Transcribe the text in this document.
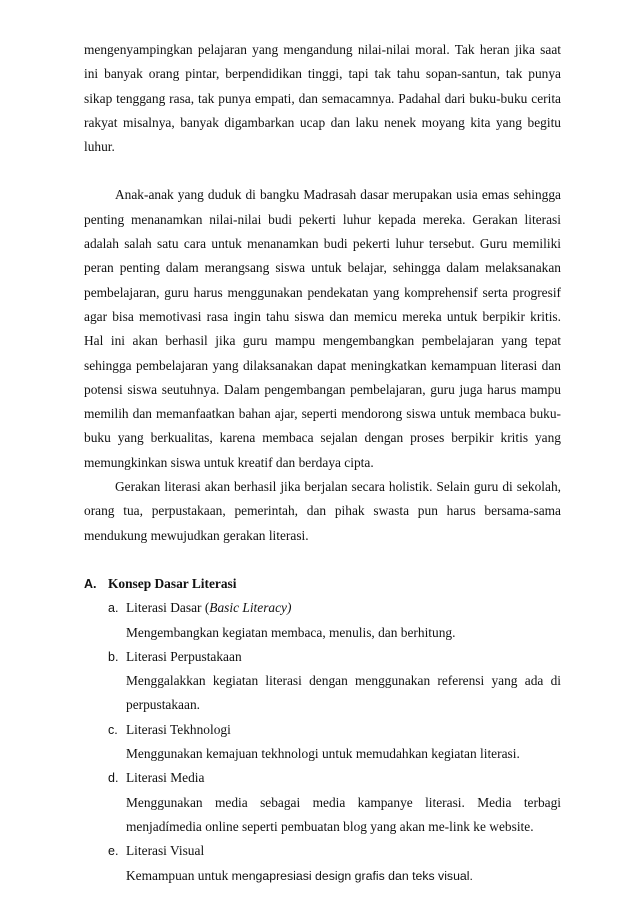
mengenyampingkan pelajaran yang mengandung nilai-nilai moral. Tak heran jika saat ini banyak orang pintar, berpendidikan tinggi, tapi tak tahu sopan-santun, tak punya sikap tenggang rasa, tak punya empati, dan semacamnya. Padahal dari buku-buku cerita rakyat misalnya, banyak digambarkan ucap dan laku nenek moyang kita yang begitu luhur.

Anak-anak yang duduk di bangku Madrasah dasar merupakan usia emas sehingga penting menanamkan nilai-nilai budi pekerti luhur kepada mereka. Gerakan literasi adalah salah satu cara untuk menanamkan budi pekerti luhur tersebut. Guru memiliki peran penting dalam merangsang siswa untuk belajar, sehingga dalam melaksanakan pembelajaran, guru harus menggunakan pendekatan yang komprehensif serta progresif agar bisa memotivasi rasa ingin tahu siswa dan memicu mereka untuk berpikir kritis. Hal ini akan berhasil jika guru mampu mengembangkan pembelajaran yang tepat sehingga pembelajaran yang dilaksanakan dapat meningkatkan kemampuan literasi dan potensi siswa seutuhnya. Dalam pengembangan pembelajaran, guru juga harus mampu memilih dan memanfaatkan bahan ajar, seperti mendorong siswa untuk membaca buku-buku yang berkualitas, karena membaca sejalan dengan proses berpikir kritis yang memungkinkan siswa untuk kreatif dan berdaya cipta.

Gerakan literasi akan berhasil jika berjalan secara holistik. Selain guru di sekolah, orang tua, perpustakaan, pemerintah, dan pihak swasta pun harus bersama-sama mendukung mewujudkan gerakan literasi.

A. Konsep Dasar Literasi
a. Literasi Dasar (Basic Literacy)
Mengembangkan kegiatan membaca, menulis, dan berhitung.
b. Literasi Perpustakaan
Menggalakkan kegiatan literasi dengan menggunakan referensi yang ada di perpustakaan.
c. Literasi Tekhnologi
Menggunakan kemajuan tekhnologi untuk memudahkan kegiatan literasi.
d. Literasi Media
Menggunakan media sebagai media kampanye literasi. Media terbagi menjadímedia online seperti pembuatan blog yang akan me-link ke website.
e. Literasi Visual
Kemampuan untuk mengapresiasi design grafis dan teks visual.
